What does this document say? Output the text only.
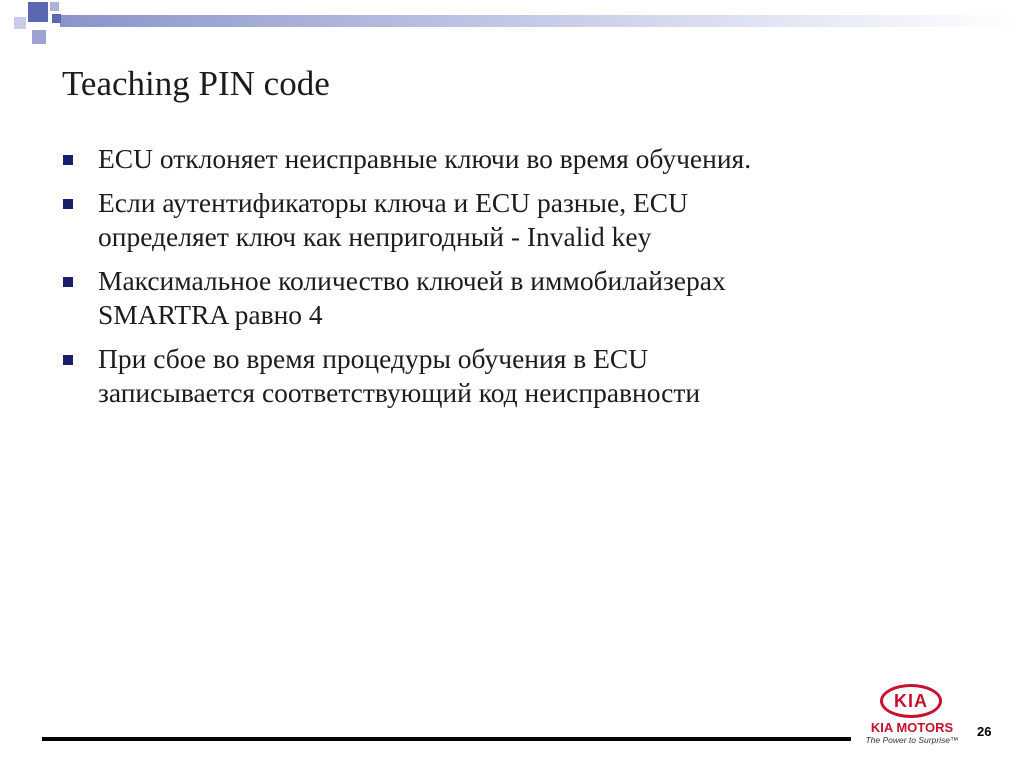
Teaching PIN code
ECU отклоняет неисправные ключи во время обучения.
Если аутентификаторы ключа и ECU разные, ECU
определяет ключ как непригодный - Invalid key
Максимальное количество ключей в иммобилайзерах
SMARTRA равно 4
При сбое во время процедуры обучения в ECU
записывается соответствующий код неисправности
KIA
KIA MOTORS
The Power to Surprise™
26
